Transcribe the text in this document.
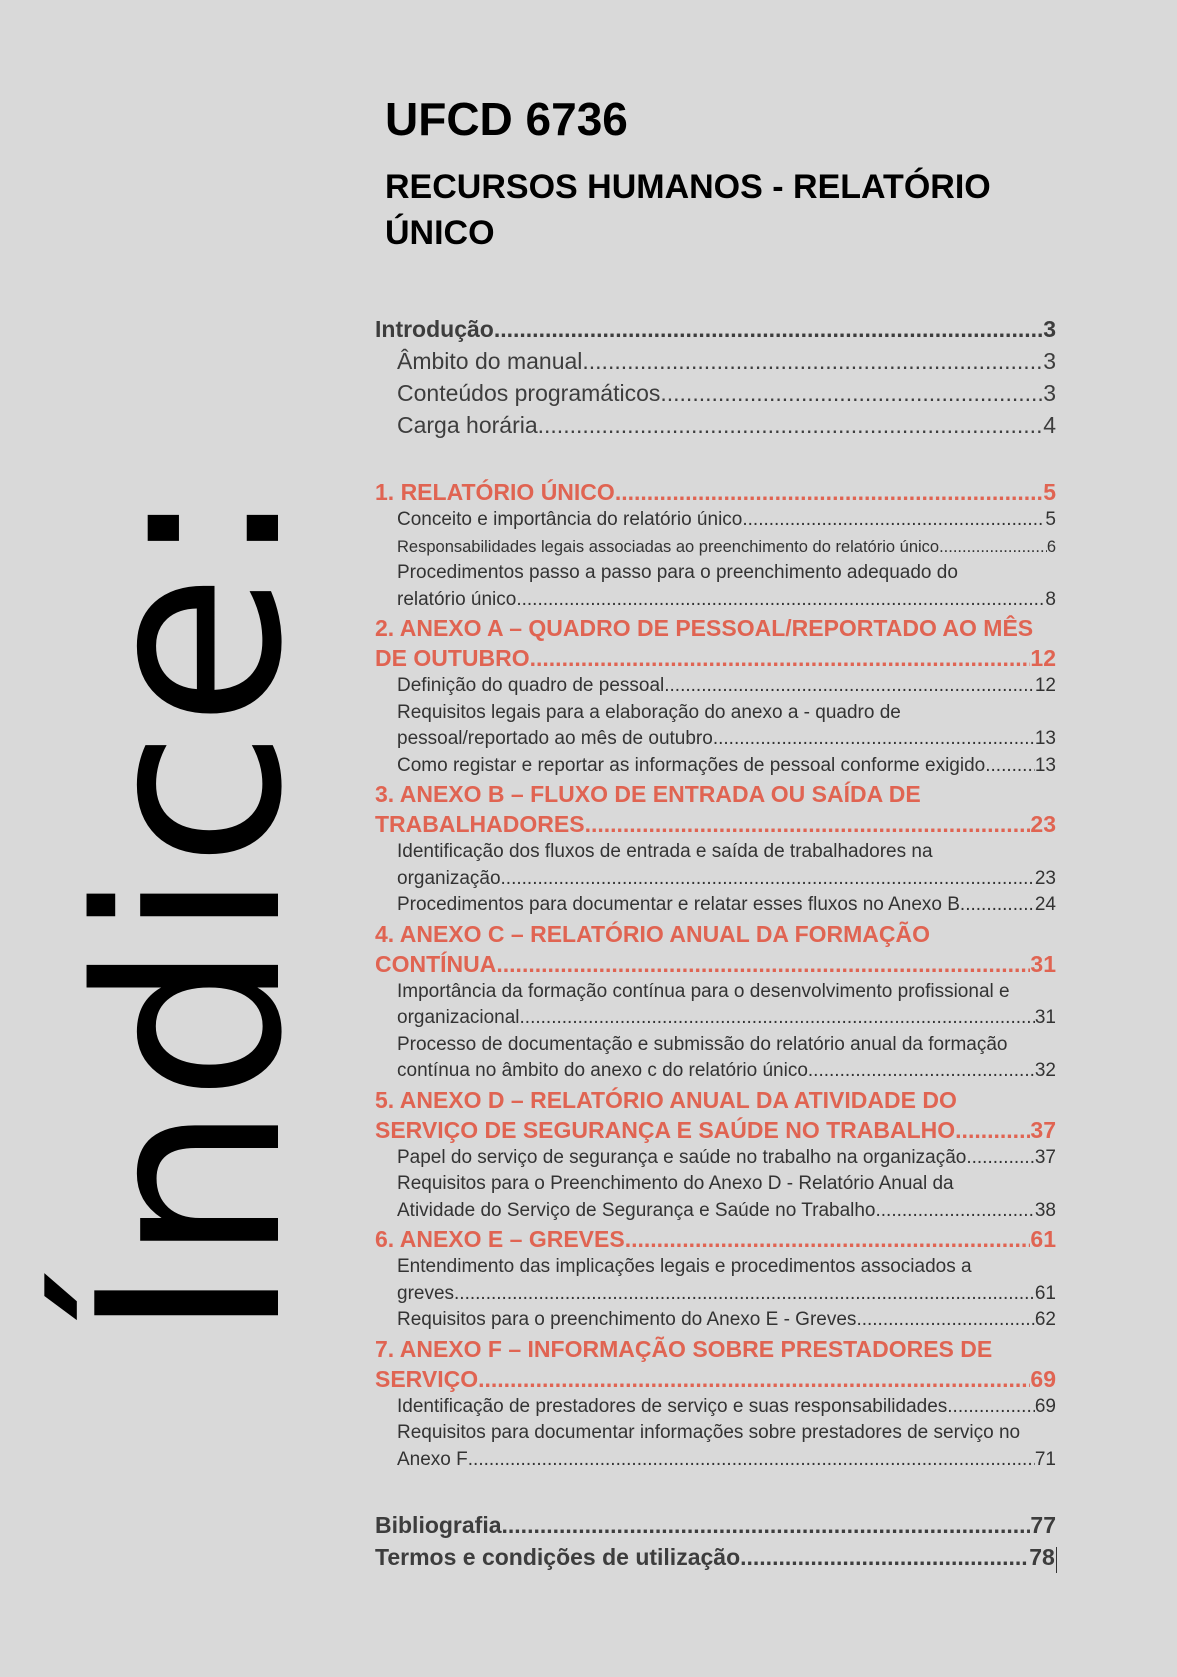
Índice:

UFCD 6736

RECURSOS HUMANOS - RELATÓRIO
ÚNICO

Introdução .....	3
Âmbito do manual .....	3
Conteúdos programáticos .....	3
Carga horária .....	4
1. RELATÓRIO ÚNICO .....	5
Conceito e importância do relatório único .....	5
Responsabilidades legais associadas ao preenchimento do relatório único .....	6
Procedimentos passo a passo para o preenchimento adequado do
relatório único .....	8
2. ANEXO A – QUADRO DE PESSOAL/REPORTADO AO MÊS
DE OUTUBRO .....	12
Definição do quadro de pessoal .....	12
Requisitos legais para a elaboração do anexo a - quadro de
pessoal/reportado ao mês de outubro .....	13
Como registar e reportar as informações de pessoal conforme exigido .....	13
3. ANEXO B – FLUXO DE ENTRADA OU SAÍDA DE
TRABALHADORES .....	23
Identificação dos fluxos de entrada e saída de trabalhadores na
organização .....	23
Procedimentos para documentar e relatar esses fluxos no Anexo B .....	24
4. ANEXO C – RELATÓRIO ANUAL DA FORMAÇÃO
CONTÍNUA .....	31
Importância da formação contínua para o desenvolvimento profissional e
organizacional .....	31
Processo de documentação e submissão do relatório anual da formação
contínua no âmbito do anexo c do relatório único .....	32
5. ANEXO D – RELATÓRIO ANUAL DA ATIVIDADE DO
SERVIÇO DE SEGURANÇA E SAÚDE NO TRABALHO .....	37
Papel do serviço de segurança e saúde no trabalho na organização .....	37
Requisitos para o Preenchimento do Anexo D - Relatório Anual da
Atividade do Serviço de Segurança e Saúde no Trabalho .....	38
6. ANEXO E – GREVES .....	61
Entendimento das implicações legais e procedimentos associados a
greves .....	61
Requisitos para o preenchimento do Anexo E - Greves .....	62
7. ANEXO F – INFORMAÇÃO SOBRE PRESTADORES DE
SERVIÇO .....	69
Identificação de prestadores de serviço e suas responsabilidades .....	69
Requisitos para documentar informações sobre prestadores de serviço no
Anexo F .....	71
Bibliografia .....	77
Termos e condições de utilização .....	78
